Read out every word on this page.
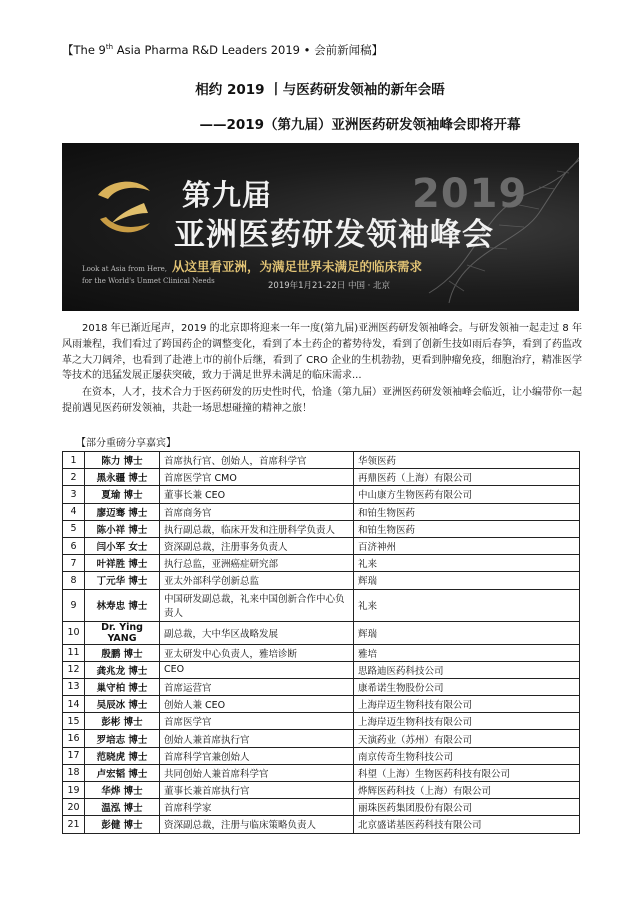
【The 9th Asia Pharma R&D Leaders 2019 • 会前新闻稿】
相约 2019 丨与医药研发领袖的新年会晤
——2019（第九届）亚洲医药研发领袖峰会即将开幕
第九届	2019
亚洲医药研发领袖峰会
从这里看亚洲，为满足世界未满足的临床需求
2019年1月21-22日 中国 · 北京
Look at Asia from Here,
for the World's Unmet Clinical Needs
2018 年已渐近尾声，2019 的北京即将迎来一年一度(第九届)亚洲医药研发领袖峰会。与研发领袖一起走过 8 年风雨兼程，我们看过了跨国药企的调整变化，看到了本土药企的蓄势待发，看到了创新生技如雨后春笋，看到了药监改革之大刀阔斧，也看到了赴港上市的前仆后继，看到了 CRO 企业的生机勃勃，更看到肿瘤免疫，细胞治疗，精准医学等技术的迅猛发展正屡获突破，致力于满足世界未满足的临床需求...
在资本，人才，技术合力于医药研发的历史性时代，恰逢（第九届）亚洲医药研发领袖峰会临近，让小编带你一起提前遇见医药研发领袖，共赴一场思想碰撞的精神之旅！
【部分重磅分享嘉宾】
1	陈力 博士	首席执行官、创始人，首席科学官	华领医药
2	黑永疆 博士	首席医学官 CMO	再鼎医药（上海）有限公司
3	夏瑜 博士	董事长兼 CEO	中山康方生物医药有限公司
4	廖迈骞 博士	首席商务官	和铂生物医药
5	陈小祥 博士	执行副总裁，临床开发和注册科学负责人	和铂生物医药
6	闫小军 女士	资深副总裁，注册事务负责人	百济神州
7	叶祥胜 博士	执行总监，亚洲癌症研究部	礼来
8	丁元华 博士	亚太外部科学创新总监	辉瑞
9	林寿忠 博士	中国研发副总裁，礼来中国创新合作中心负责人	礼来
10	Dr. Ying YANG	副总裁，大中华区战略发展	辉瑞
11	殷鹏 博士	亚太研发中心负责人，雅培诊断	雅培
12	龚兆龙 博士	CEO	思路迪医药科技公司
13	巢守柏 博士	首席运营官	康希诺生物股份公司
14	吴辰冰 博士	创始人兼 CEO	上海岸迈生物科技有限公司
15	彭彬 博士	首席医学官	上海岸迈生物科技有限公司
16	罗培志 博士	创始人兼首席执行官	天演药业（苏州）有限公司
17	范晓虎 博士	首席科学官兼创始人	南京传奇生物科技公司
18	卢宏韬 博士	共同创始人兼首席科学官	科望（上海）生物医药科技有限公司
19	华烨 博士	董事长兼首席执行官	烨辉医药科技（上海）有限公司
20	温泓 博士	首席科学家	丽珠医药集团股份有限公司
21	彭健 博士	资深副总裁，注册与临床策略负责人	北京盛诺基医药科技有限公司
